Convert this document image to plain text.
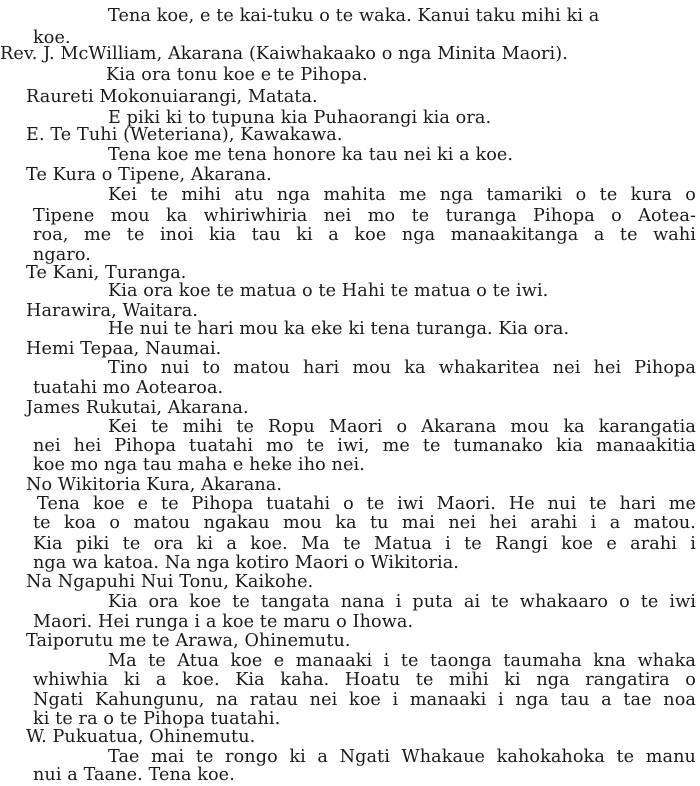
Tena koe, e te kai-tuku o te waka. Kanui taku mihi ki a
koe.
Rev. J. McWilliam, Akarana (Kaiwhakaako o nga Minita Maori).
Kia ora tonu koe e te Pihopa.
Raureti Mokonuiarangi, Matata.
E piki ki to tupuna kia Puhaorangi kia ora.
E. Te Tuhi (Weteriana), Kawakawa.
Tena koe me tena honore ka tau nei ki a koe.
Te Kura o Tipene, Akarana.
Kei te mihi atu nga mahita me nga tamariki o te kura o
Tipene mou ka whiriwhiria nei mo te turanga Pihopa o Aotea-
roa, me te inoi kia tau ki a koe nga manaakitanga a te wahi
ngaro.
Te Kani, Turanga.
Kia ora koe te matua o te Hahi te matua o te iwi.
Harawira, Waitara.
He nui te hari mou ka eke ki tena turanga. Kia ora.
Hemi Tepaa, Naumai.
Tino nui to matou hari mou ka whakaritea nei hei Pihopa
tuatahi mo Aotearoa.
James Rukutai, Akarana.
Kei te mihi te Ropu Maori o Akarana mou ka karangatia
nei hei Pihopa tuatahi mo te iwi, me te tumanako kia manaakitia
koe mo nga tau maha e heke iho nei.
No Wikitoria Kura, Akarana.
Tena koe e te Pihopa tuatahi o te iwi Maori. He nui te hari me
te koa o matou ngakau mou ka tu mai nei hei arahi i a matou.
Kia piki te ora ki a koe. Ma te Matua i te Rangi koe e arahi i
nga wa katoa. Na nga kotiro Maori o Wikitoria.
Na Ngapuhi Nui Tonu, Kaikohe.
Kia ora koe te tangata nana i puta ai te whakaaro o te iwi
Maori. Hei runga i a koe te maru o Ihowa.
Taiporutu me te Arawa, Ohinemutu.
Ma te Atua koe e manaaki i te taonga taumaha kna whaka
whiwhia ki a koe. Kia kaha. Hoatu te mihi ki nga rangatira o
Ngati Kahungunu, na ratau nei koe i manaaki i nga tau a tae noa
ki te ra o te Pihopa tuatahi.
W. Pukuatua, Ohinemutu.
Tae mai te rongo ki a Ngati Whakaue kahokahoka te manu
nui a Taane. Tena koe.
